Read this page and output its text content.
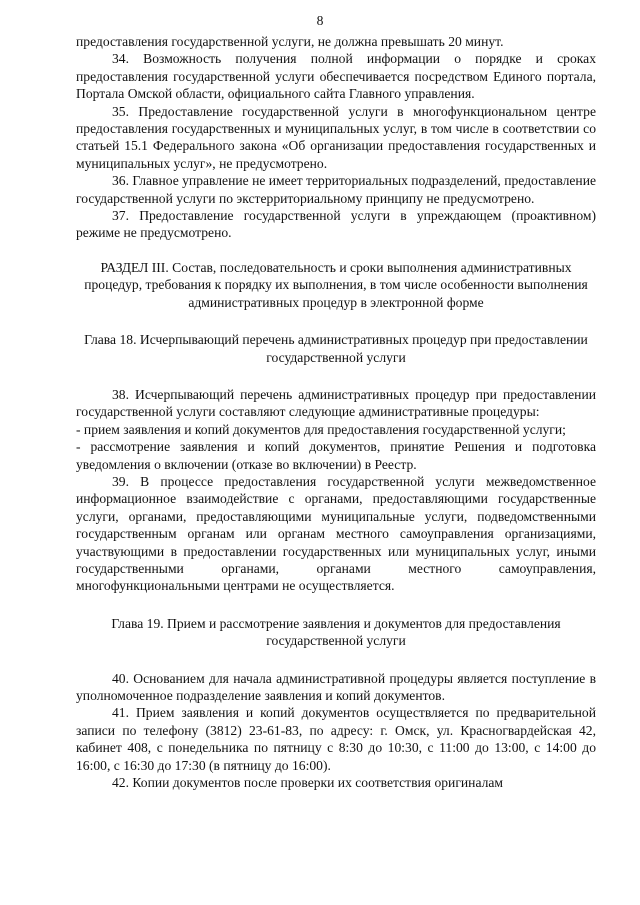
8

предоставления государственной услуги, не должна превышать 20 минут.

34. Возможность получения полной информации о порядке и сроках предоставления государственной услуги обеспечивается посредством Единого портала, Портала Омской области, официального сайта Главного управления.

35. Предоставление государственной услуги в многофункциональном центре предоставления государственных и муниципальных услуг, в том числе в соответствии со статьей 15.1 Федерального закона «Об организации предоставления государственных и муниципальных услуг», не предусмотрено.

36. Главное управление не имеет территориальных подразделений, предоставление государственной услуги по экстерриториальному принципу не предусмотрено.

37. Предоставление государственной услуги в упреждающем (проактивном) режиме не предусмотрено.

РАЗДЕЛ III. Состав, последовательность и сроки выполнения административных процедур, требования к порядку их выполнения, в том числе особенности выполнения административных процедур в электронной форме

Глава 18. Исчерпывающий перечень административных процедур при предоставлении государственной услуги

38. Исчерпывающий перечень административных процедур при предоставлении государственной услуги составляют следующие административные процедуры:

- прием заявления и копий документов для предоставления государственной услуги;

- рассмотрение заявления и копий документов, принятие Решения и подготовка уведомления о включении (отказе во включении) в Реестр.

39. В процессе предоставления государственной услуги межведомственное информационное взаимодействие с органами, предоставляющими государственные услуги, органами, предоставляющими муниципальные услуги, подведомственными государственным органам или органам местного самоуправления организациями, участвующими в предоставлении государственных или муниципальных услуг, иными государственными органами, органами местного самоуправления, многофункциональными центрами не осуществляется.

Глава 19. Прием и рассмотрение заявления и документов для предоставления государственной услуги

40. Основанием для начала административной процедуры является поступление в уполномоченное подразделение заявления и копий документов.

41. Прием заявления и копий документов осуществляется по предварительной записи по телефону (3812) 23-61-83, по адресу: г. Омск, ул. Красногвардейская 42, кабинет 408, с понедельника по пятницу с 8:30 до 10:30, с 11:00 до 13:00, с 14:00 до 16:00, с 16:30 до 17:30 (в пятницу до 16:00).

42. Копии документов после проверки их соответствия оригиналам
